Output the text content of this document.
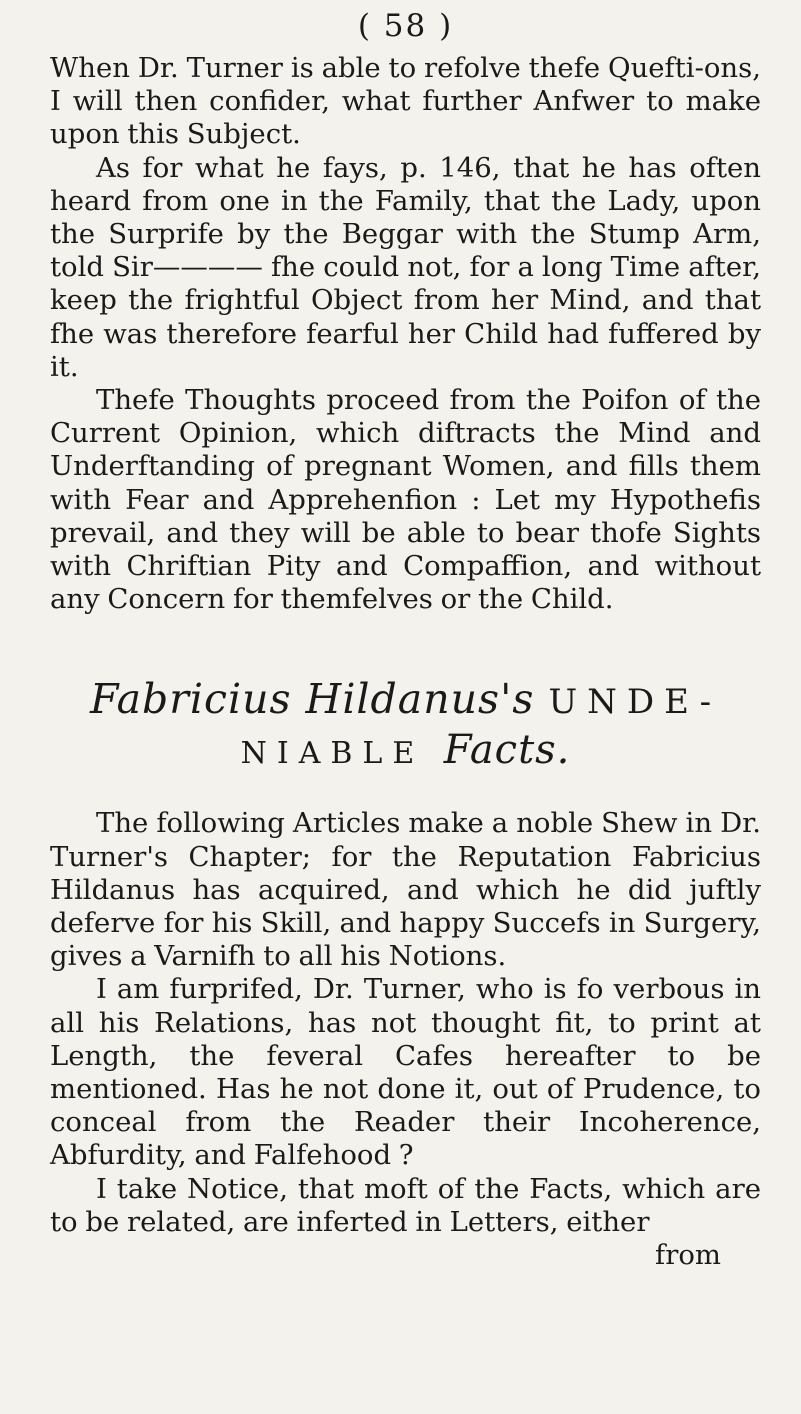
( 58 )

When Dr. Turner is able to refolve thefe Quefti-ons, I will then confider, what further Anfwer to make upon this Subject.

As for what he fays, p. 146, that he has often heard from one in the Family, that the Lady, upon the Surprife by the Beggar with the Stump Arm, told Sir———— fhe could not, for a long Time after, keep the frightful Object from her Mind, and that fhe was therefore fearful her Child had fuffered by it.

Thefe Thoughts proceed from the Poifon of the Current Opinion, which diftracts the Mind and Underftanding of pregnant Women, and fills them with Fear and Apprehenfion : Let my Hypothefis prevail, and they will be able to bear thofe Sights with Chriftian Pity and Compaffion, and without any Concern for themfelves or the Child.

Fabricius Hildanus's UNDE-
NIABLE Facts.

The following Articles make a noble Shew in Dr. Turner's Chapter; for the Reputation Fabricius Hildanus has acquired, and which he did juftly deferve for his Skill, and happy Succefs in Surgery, gives a Varnifh to all his Notions.

I am furprifed, Dr. Turner, who is fo verbous in all his Relations, has not thought fit, to print at Length, the feveral Cafes hereafter to be mentioned. Has he not done it, out of Prudence, to conceal from the Reader their Incoherence, Abfurdity, and Falfehood ?

I take Notice, that moft of the Facts, which are to be related, are inferted in Letters, either

from
